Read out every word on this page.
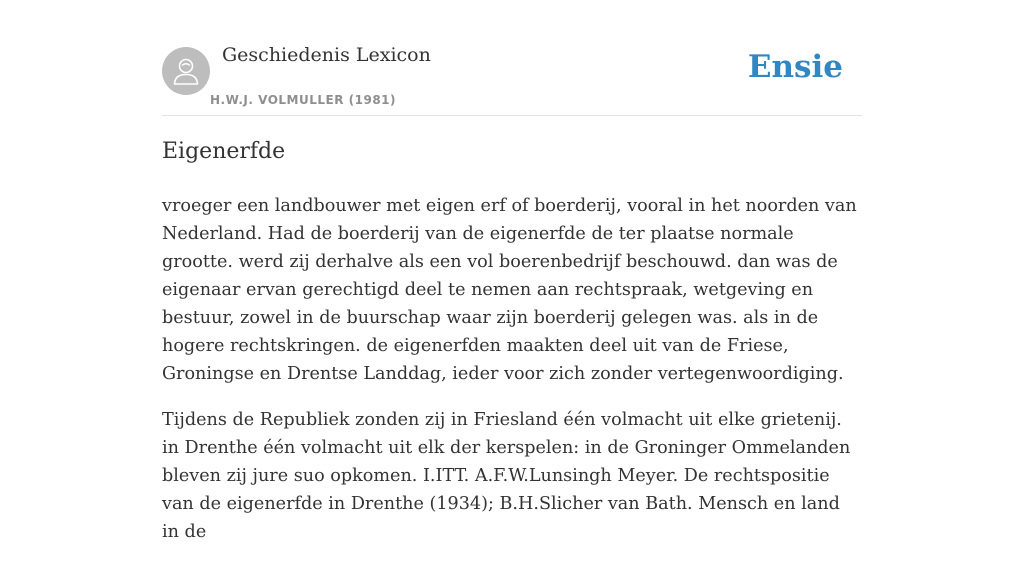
Geschiedenis Lexicon
H.W.J. VOLMULLER (1981)
Ensie
Eigenerfde

vroeger een landbouwer met eigen erf of boerderij, vooral in het noorden van Nederland. Had de boerderij van de eigenerfde de ter plaatse normale grootte. werd zij derhalve als een vol boerenbedrijf beschouwd. dan was de eigenaar ervan gerechtigd deel te nemen aan rechtspraak, wetgeving en bestuur, zowel in de buurschap waar zijn boerderij gelegen was. als in de hogere rechtskringen. de eigenerfden maakten deel uit van de Friese, Groningse en Drentse Landdag, ieder voor zich zonder vertegenwoordiging.

Tijdens de Republiek zonden zij in Friesland één volmacht uit elke grietenij. in Drenthe één volmacht uit elk der kerspelen: in de Groninger Ommelanden bleven zij jure suo opkomen. I.ITT. A.F.W.Lunsingh Meyer. De rechtspositie van de eigenerfde in Drenthe (1934); B.H.Slicher van Bath. Mensch en land in de
